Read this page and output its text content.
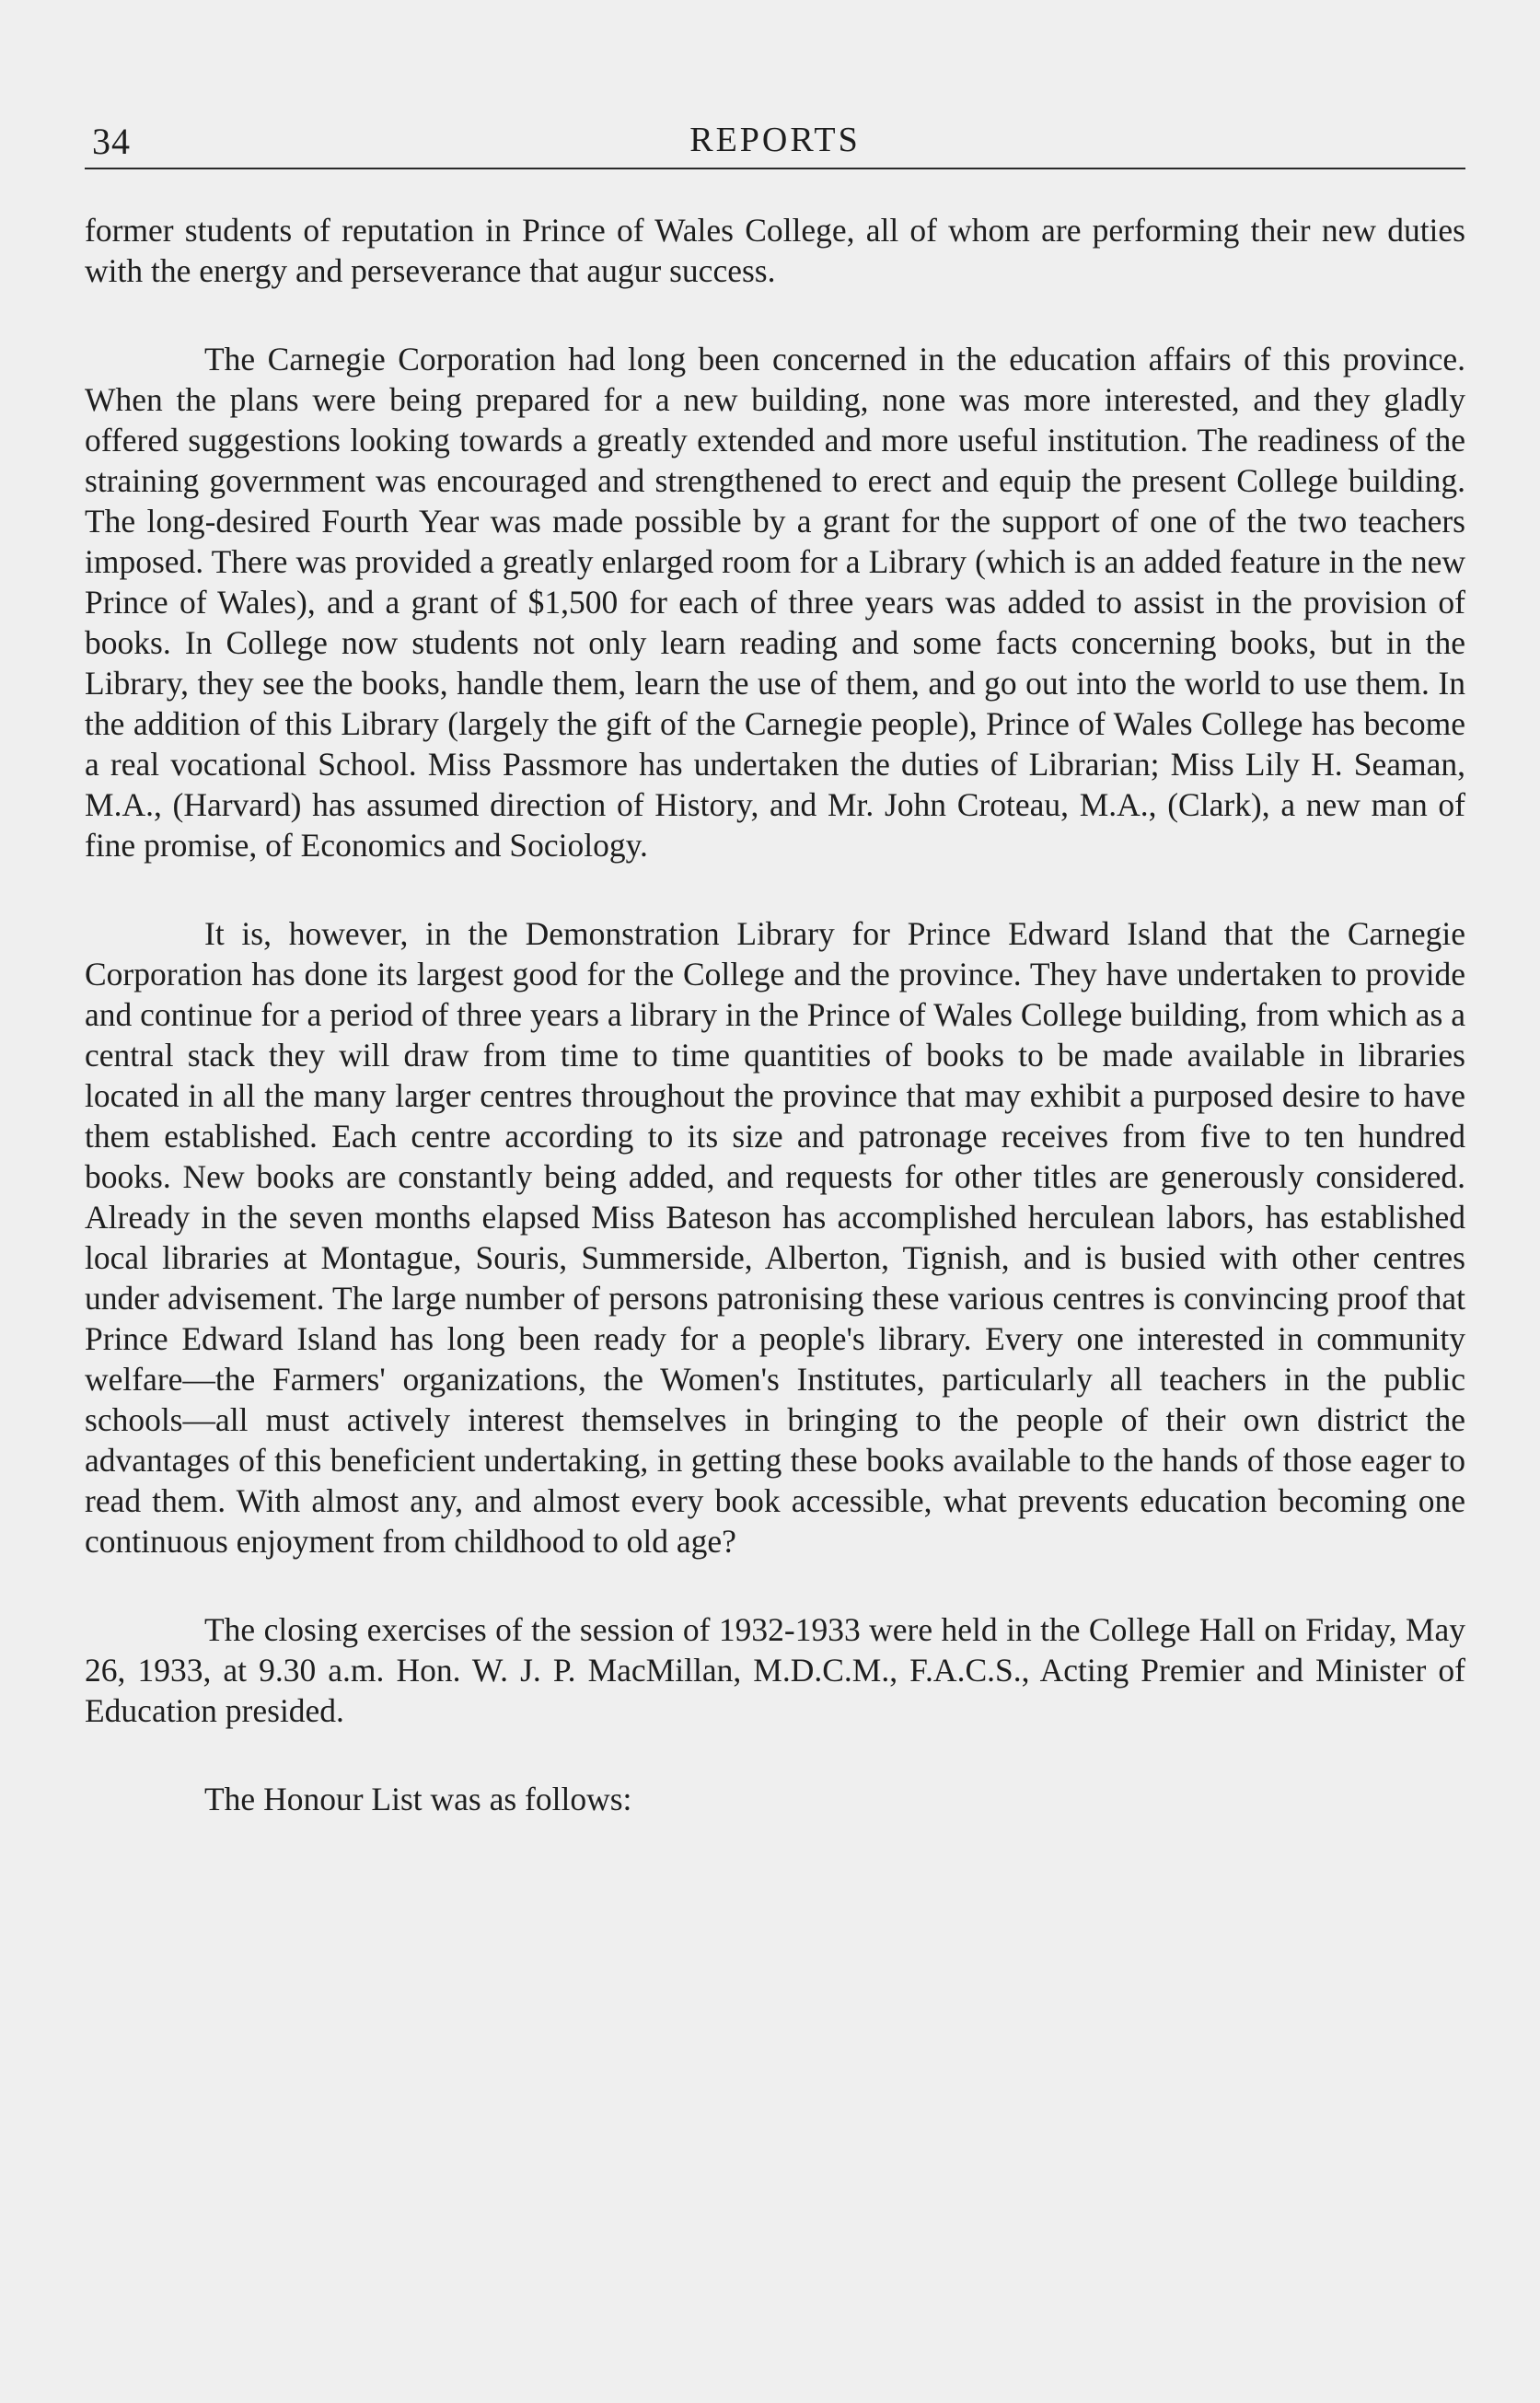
34	REPORTS

former students of reputation in Prince of Wales College, all of whom are performing their new duties with the energy and perseverance that augur success.

The Carnegie Corporation had long been concerned in the education affairs of this province. When the plans were being prepared for a new building, none was more interested, and they gladly offered suggestions looking towards a greatly extended and more useful institution. The readiness of the straining government was encouraged and strengthened to erect and equip the present College building. The long-desired Fourth Year was made possible by a grant for the support of one of the two teachers imposed. There was provided a greatly enlarged room for a Library (which is an added feature in the new Prince of Wales), and a grant of $1,500 for each of three years was added to assist in the provision of books. In College now students not only learn reading and some facts concerning books, but in the Library, they see the books, handle them, learn the use of them, and go out into the world to use them. In the addition of this Library (largely the gift of the Carnegie people), Prince of Wales College has become a real vocational School. Miss Passmore has undertaken the duties of Librarian; Miss Lily H. Seaman, M.A., (Harvard) has assumed direction of History, and Mr. John Croteau, M.A., (Clark), a new man of fine promise, of Economics and Sociology.

It is, however, in the Demonstration Library for Prince Edward Island that the Carnegie Corporation has done its largest good for the College and the province. They have undertaken to provide and continue for a period of three years a library in the Prince of Wales College building, from which as a central stack they will draw from time to time quantities of books to be made available in libraries located in all the many larger centres throughout the province that may exhibit a purposed desire to have them established. Each centre according to its size and patronage receives from five to ten hundred books. New books are constantly being added, and requests for other titles are generously considered. Already in the seven months elapsed Miss Bateson has accomplished herculean labors, has established local libraries at Montague, Souris, Summerside, Alberton, Tignish, and is busied with other centres under advisement. The large number of persons patronising these various centres is convincing proof that Prince Edward Island has long been ready for a people's library. Every one interested in community welfare—the Farmers' organizations, the Women's Institutes, particularly all teachers in the public schools—all must actively interest themselves in bringing to the people of their own district the advantages of this beneficient undertaking, in getting these books available to the hands of those eager to read them. With almost any, and almost every book accessible, what prevents education becoming one continuous enjoyment from childhood to old age?

The closing exercises of the session of 1932-1933 were held in the College Hall on Friday, May 26, 1933, at 9.30 a.m. Hon. W. J. P. MacMillan, M.D.C.M., F.A.C.S., Acting Premier and Minister of Education presided.

The Honour List was as follows:
